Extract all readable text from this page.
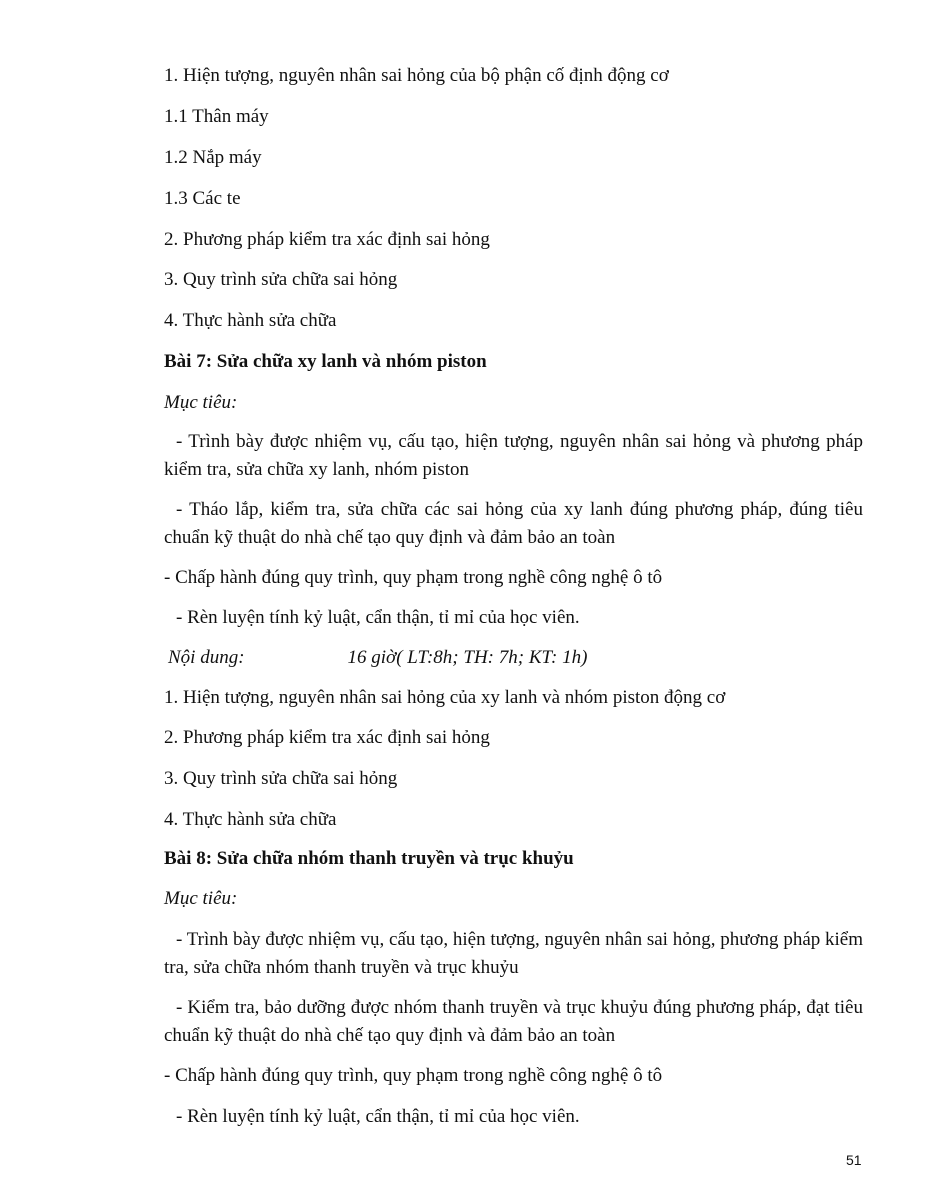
1. Hiện tượng, nguyên nhân sai hỏng của bộ phận cố định động cơ
1.1 Thân máy
1.2 Nắp máy
1.3 Các te
2. Phương pháp kiểm tra xác định sai hỏng
3. Quy trình sửa chữa sai hỏng
4. Thực hành sửa chữa
Bài 7: Sửa chữa xy lanh và nhóm piston
Mục tiêu:
- Trình bày được nhiệm vụ, cấu tạo, hiện tượng, nguyên nhân sai hỏng và phương pháp kiểm tra, sửa chữa xy lanh, nhóm piston
- Tháo lắp, kiểm tra, sửa chữa các sai hỏng của xy lanh đúng phương pháp, đúng tiêu chuẩn kỹ thuật do nhà chế tạo quy định và đảm bảo an toàn
- Chấp hành đúng quy trình, quy phạm trong nghề công nghệ ô tô
- Rèn luyện tính kỷ luật, cẩn thận, tỉ mỉ của học viên.
Nội dung:	16 giờ( LT:8h; TH: 7h; KT: 1h)
1. Hiện tượng, nguyên nhân sai hỏng của xy lanh và nhóm piston động cơ
2. Phương pháp kiểm tra xác định sai hỏng
3. Quy trình sửa chữa sai hỏng
4. Thực hành sửa chữa
Bài 8: Sửa chữa nhóm thanh truyền và trục khuỷu
Mục tiêu:
- Trình bày được nhiệm vụ, cấu tạo, hiện tượng, nguyên nhân sai hỏng, phương pháp kiểm tra, sửa chữa nhóm thanh truyền và trục khuỷu
- Kiểm tra, bảo dưỡng được nhóm thanh truyền và trục khuỷu đúng phương pháp, đạt tiêu chuẩn kỹ thuật do nhà chế tạo quy định và đảm bảo an toàn
- Chấp hành đúng quy trình, quy phạm trong nghề công nghệ ô tô
- Rèn luyện tính kỷ luật, cẩn thận, tỉ mỉ của học viên.
51
